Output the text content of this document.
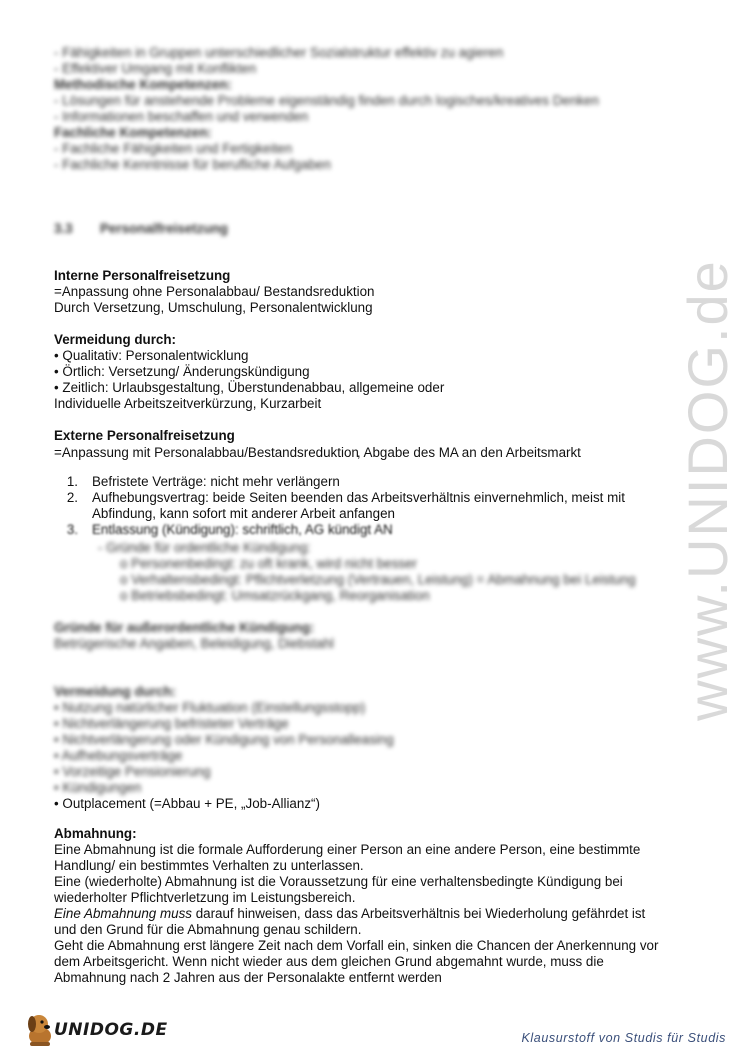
www.UNIDOG.de
- Fähigkeiten in Gruppen unterschiedlicher Sozialstruktur effektiv zu agieren
- Effektiver Umgang mit Konflikten
Methodische Kompetenzen:
- Lösungen für anstehende Probleme eigenständig finden durch logisches/kreatives Denken
- Informationen beschaffen und verwenden
Fachliche Kompetenzen:
- Fachliche Fähigkeiten und Fertigkeiten
- Fachliche Kenntnisse für berufliche Aufgaben
3.3 Personalfreisetzung
Interne Personalfreisetzung
=Anpassung ohne Personalabbau/ Bestandsreduktion
Durch Versetzung, Umschulung, Personalentwicklung
Vermeidung durch:
• Qualitativ: Personalentwicklung
• Örtlich: Versetzung/ Änderungskündigung
• Zeitlich: Urlaubsgestaltung, Überstundenabbau, allgemeine oder
Individuelle Arbeitszeitverkürzung, Kurzarbeit
Externe Personalfreisetzung
=Anpassung mit Personalabbau/Bestandsreduktion, Abgabe des MA an den Arbeitsmarkt
1. Befristete Verträge: nicht mehr verlängern
2. Aufhebungsvertrag: beide Seiten beenden das Arbeitsverhältnis einvernehmlich, meist mit
Abfindung, kann sofort mit anderer Arbeit anfangen
3. Entlassung (Kündigung): schriftlich, AG kündigt AN
- Gründe für ordentliche Kündigung:
o Personenbedingt: zu oft krank, wird nicht besser
o Verhaltensbedingt: Pflichtverletzung (Vertrauen, Leistung) = Abmahnung bei Leistung
o Betriebsbedingt: Umsatzrückgang, Reorganisation
Gründe für außerordentliche Kündigung:
Betrügerische Angaben, Beleidigung, Diebstahl
Vermeidung durch:
• Nutzung natürlicher Fluktuation (Einstellungsstopp)
• Nichtverlängerung befristeter Verträge
• Nichtverlängerung oder Kündigung von Personalleasing
• Aufhebungsverträge
• Vorzeitige Pensionierung
• Kündigungen
• Outplacement (=Abbau + PE, „Job-Allianz“)
Abmahnung:
Eine Abmahnung ist die formale Aufforderung einer Person an eine andere Person, eine bestimmte
Handlung/ ein bestimmtes Verhalten zu unterlassen.
Eine (wiederholte) Abmahnung ist die Voraussetzung für eine verhaltensbedingte Kündigung bei
wiederholter Pflichtverletzung im Leistungsbereich.
Eine Abmahnung muss darauf hinweisen, dass das Arbeitsverhältnis bei Wiederholung gefährdet ist
und den Grund für die Abmahnung genau schildern.
Geht die Abmahnung erst längere Zeit nach dem Vorfall ein, sinken die Chancen der Anerkennung vor
dem Arbeitsgericht. Wenn nicht wieder aus dem gleichen Grund abgemahnt wurde, muss die
Abmahnung nach 2 Jahren aus der Personalakte entfernt werden
UNIDOG.DE	Klausurstoff von Studis für Studis
